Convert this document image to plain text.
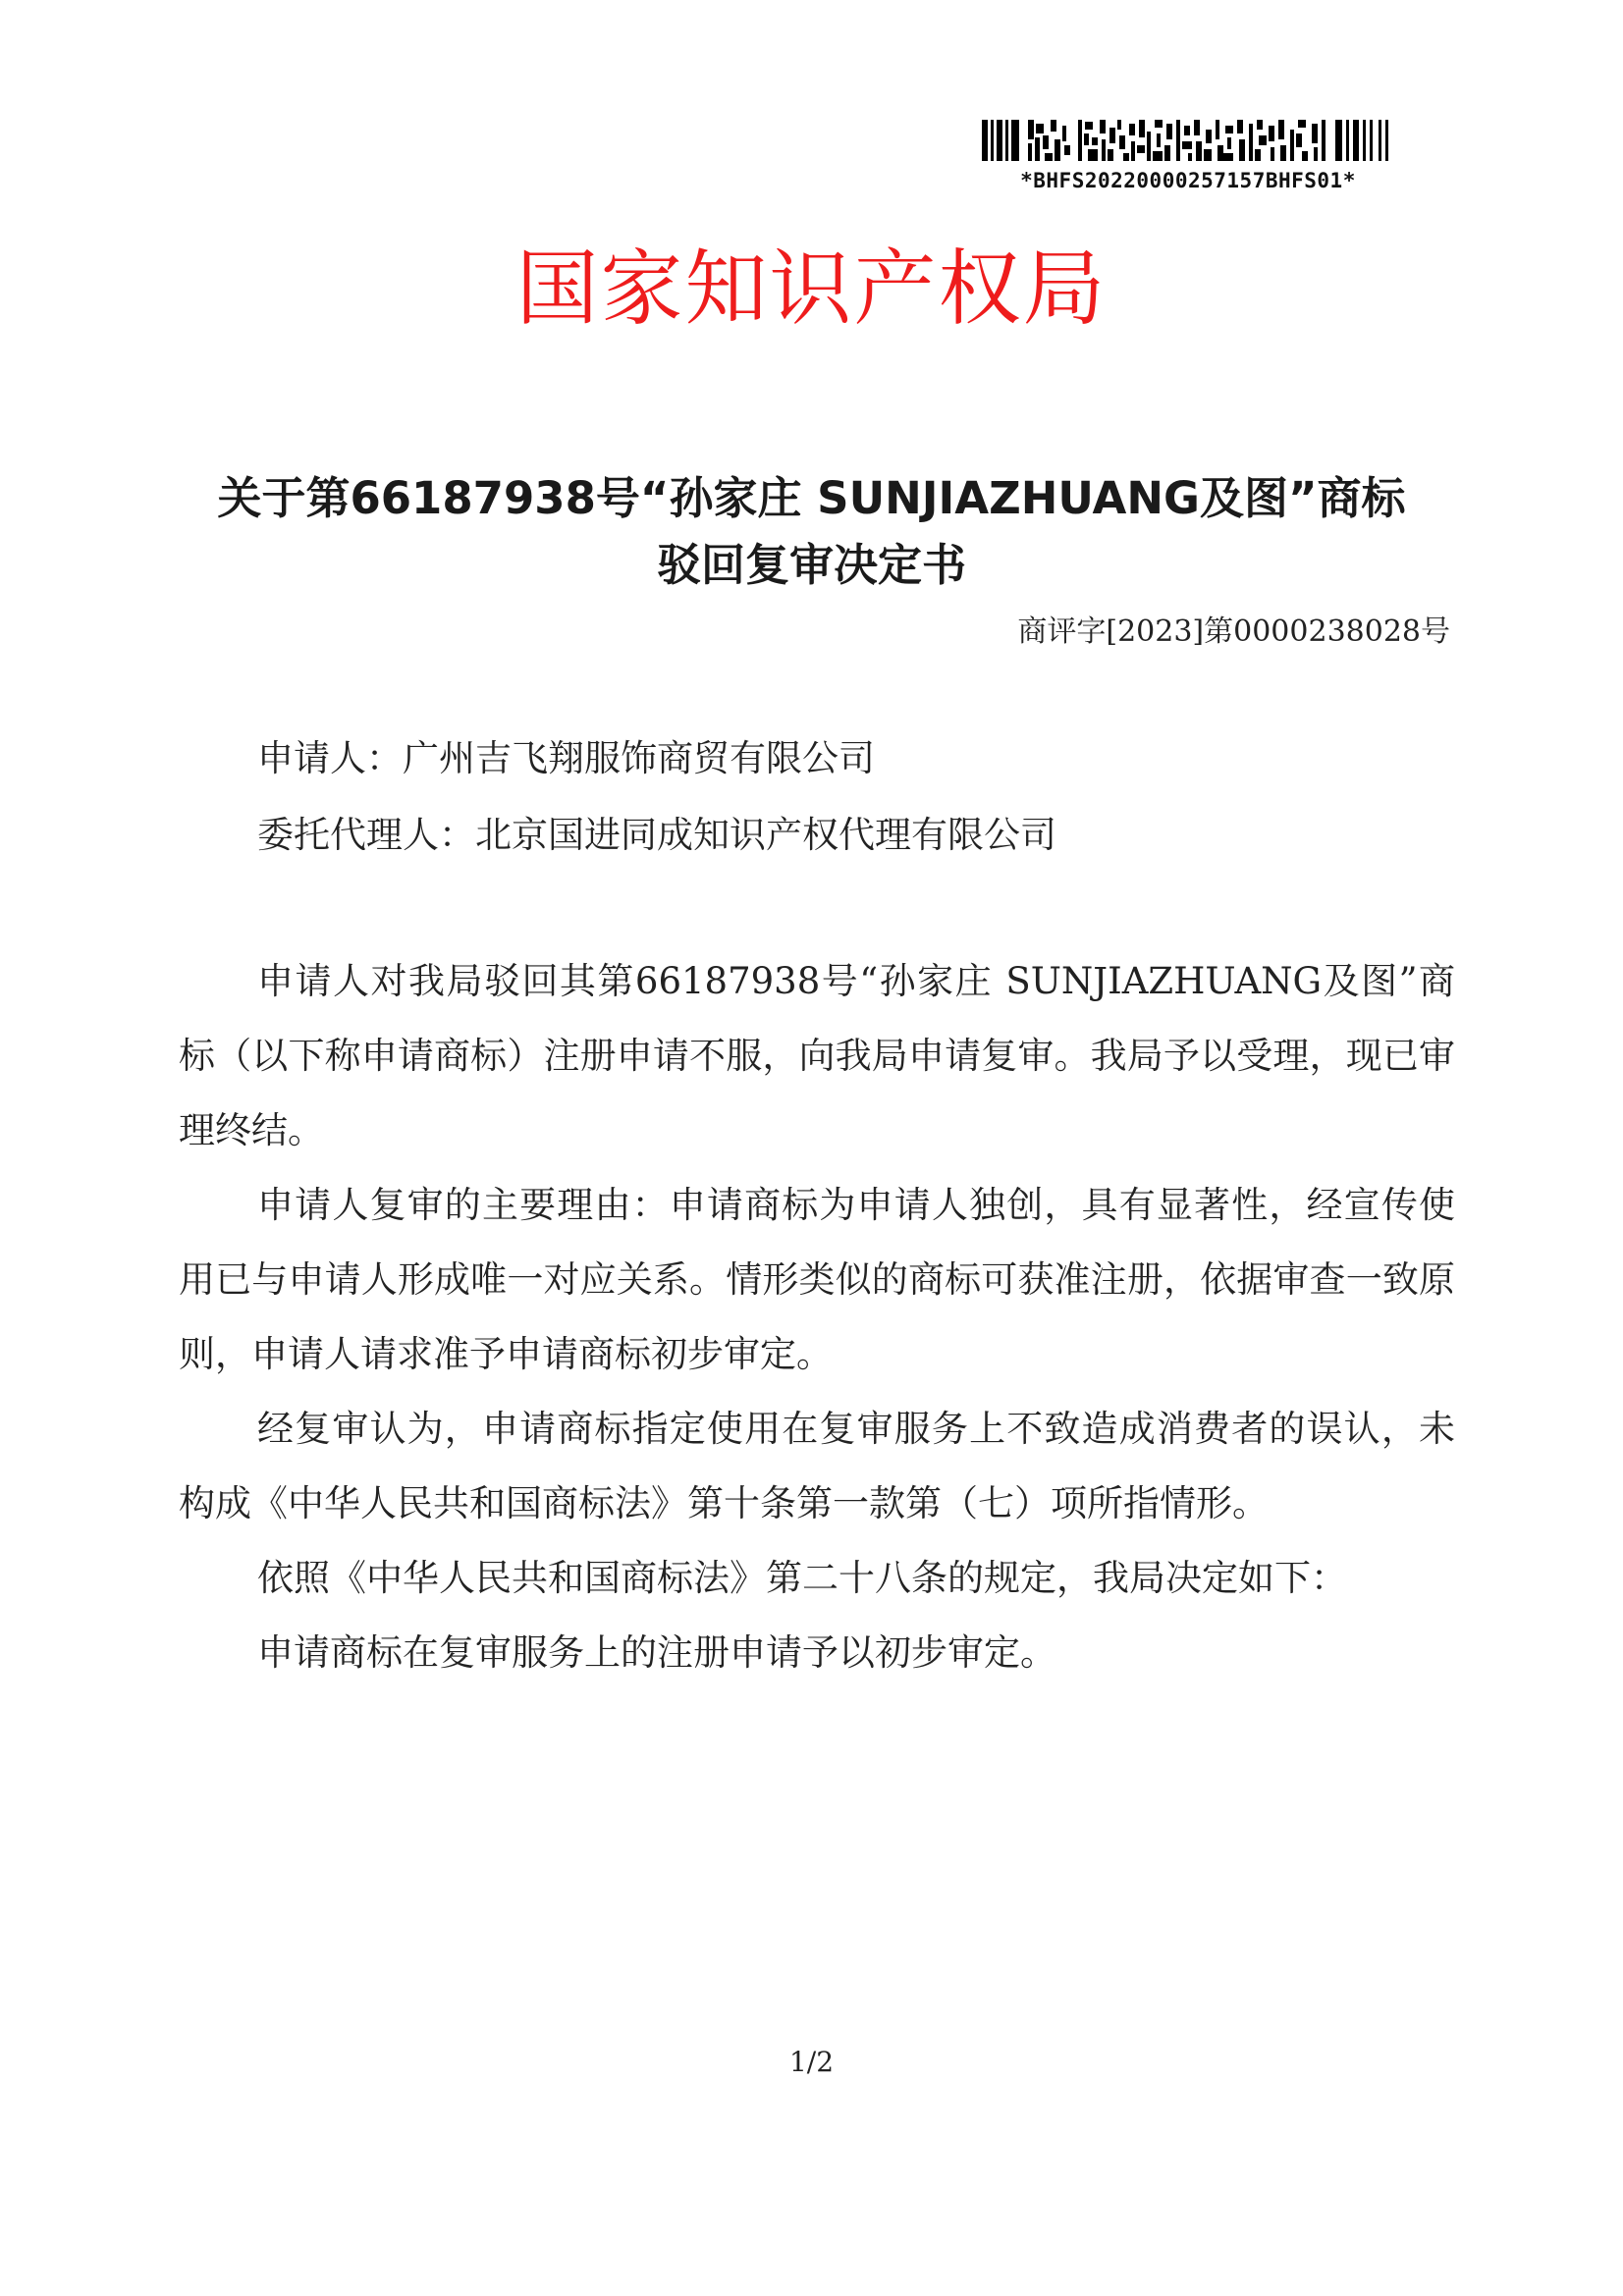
*BHFS20220000257157BHFS01*
国家知识产权局
关于第66187938号“孙家庄 SUNJIAZHUANG及图”商标
驳回复审决定书
商评字[2023]第0000238028号
申请人：广州吉飞翔服饰商贸有限公司
委托代理人：北京国进同成知识产权代理有限公司

申请人对我局驳回其第66187938号“孙家庄 SUNJIAZHUANG及图”商标（以下称申请商标）注册申请不服，向我局申请复审。我局予以受理，现已审理终结。

申请人复审的主要理由：申请商标为申请人独创，具有显著性，经宣传使用已与申请人形成唯一对应关系。情形类似的商标可获准注册，依据审查一致原则，申请人请求准予申请商标初步审定。

经复审认为，申请商标指定使用在复审服务上不致造成消费者的误认，未构成《中华人民共和国商标法》第十条第一款第（七）项所指情形。

依照《中华人民共和国商标法》第二十八条的规定，我局决定如下：

申请商标在复审服务上的注册申请予以初步审定。

1/2
